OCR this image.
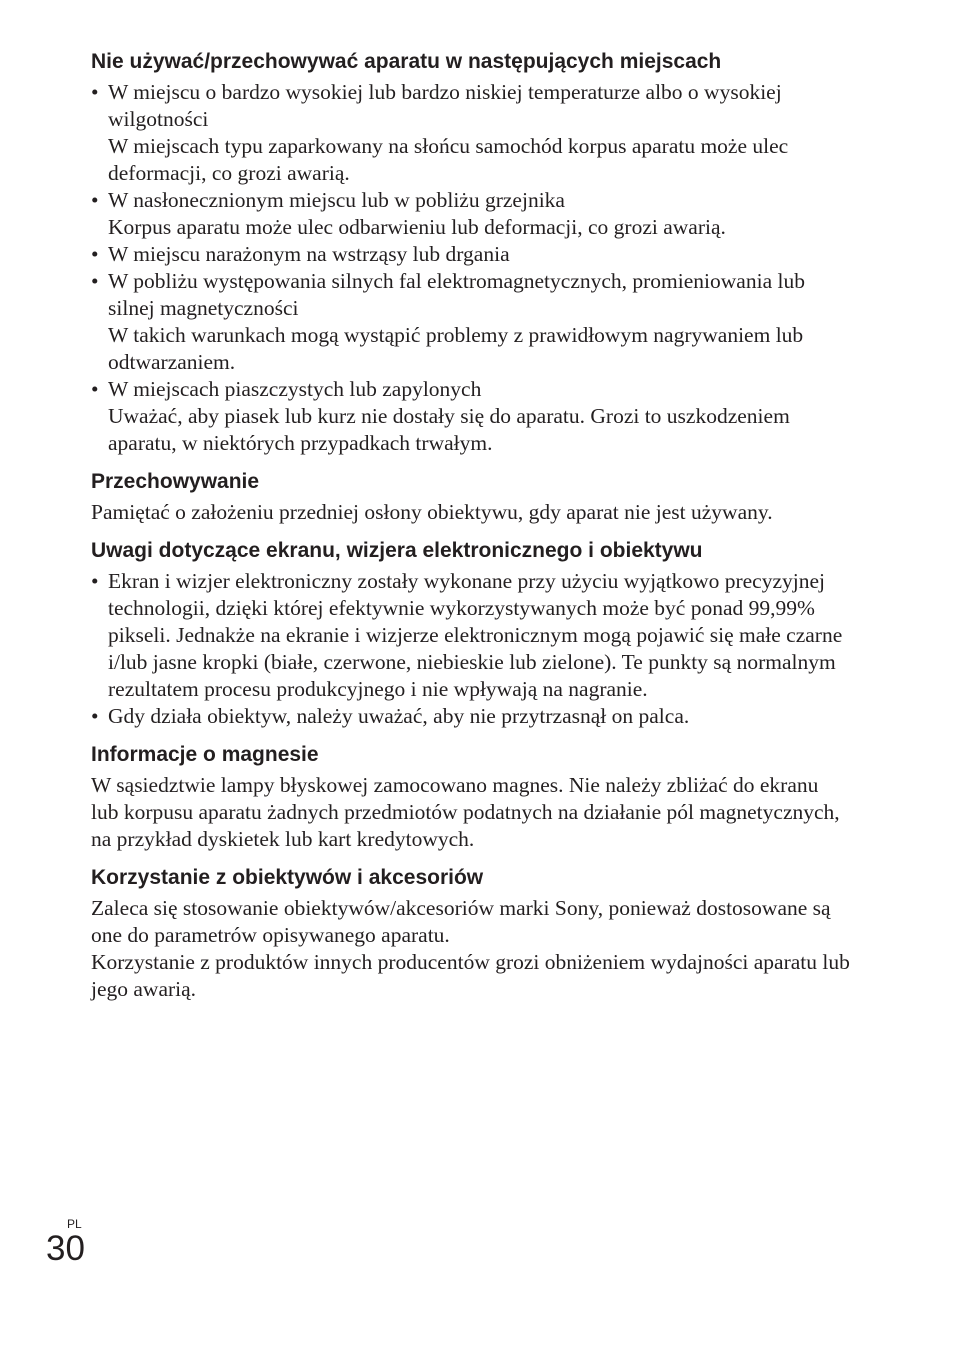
Nie używać/przechowywać aparatu w następujących miejscach
• W miejscu o bardzo wysokiej lub bardzo niskiej temperaturze albo o wysokiej wilgotności
W miejscach typu zaparkowany na słońcu samochód korpus aparatu może ulec deformacji, co grozi awarią.
• W nasłonecznionym miejscu lub w pobliżu grzejnika
Korpus aparatu może ulec odbarwieniu lub deformacji, co grozi awarią.
• W miejscu narażonym na wstrząsy lub drgania
• W pobliżu występowania silnych fal elektromagnetycznych, promieniowania lub silnej magnetyczności
W takich warunkach mogą wystąpić problemy z prawidłowym nagrywaniem lub odtwarzaniem.
• W miejscach piaszczystych lub zapylonych
Uważać, aby piasek lub kurz nie dostały się do aparatu. Grozi to uszkodzeniem aparatu, w niektórych przypadkach trwałym.
Przechowywanie

Pamiętać o założeniu przedniej osłony obiektywu, gdy aparat nie jest używany.

Uwagi dotyczące ekranu, wizjera elektronicznego i obiektywu
• Ekran i wizjer elektroniczny zostały wykonane przy użyciu wyjątkowo precyzyjnej technologii, dzięki której efektywnie wykorzystywanych może być ponad 99,99% pikseli. Jednakże na ekranie i wizjerze elektronicznym mogą pojawić się małe czarne i/lub jasne kropki (białe, czerwone, niebieskie lub zielone). Te punkty są normalnym rezultatem procesu produkcyjnego i nie wpływają na nagranie.
• Gdy działa obiektyw, należy uważać, aby nie przytrzasnął on palca.
Informacje o magnesie

W sąsiedztwie lampy błyskowej zamocowano magnes. Nie należy zbliżać do ekranu lub korpusu aparatu żadnych przedmiotów podatnych na działanie pól magnetycznych, na przykład dyskietek lub kart kredytowych.

Korzystanie z obiektywów i akcesoriów

Zaleca się stosowanie obiektywów/akcesoriów marki Sony, ponieważ dostosowane są one do parametrów opisywanego aparatu.

Korzystanie z produktów innych producentów grozi obniżeniem wydajności aparatu lub jego awarią.

PL
30
